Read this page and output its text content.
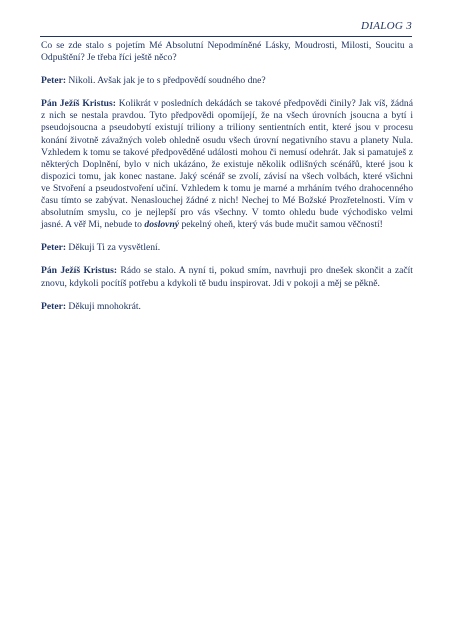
DIALOG 3

Co se zde stalo s pojetím Mé Absolutní Nepodmíněné Lásky, Moudrosti, Milosti, Soucitu a Odpuštění? Je třeba říci ještě něco?

Peter: Nikoli. Avšak jak je to s předpovědí soudného dne?

Pán Ježíš Kristus: Kolikrát v posledních dekádách se takové předpovědi činily? Jak víš, žádná z nich se nestala pravdou. Tyto předpovědi opomíjejí, že na všech úrovních jsoucna a bytí i pseudojsoucna a pseudobytí existují triliony a triliony sentientních entit, které jsou v procesu konání životně závažných voleb ohledně osudu všech úrovní negativního stavu a planety Nula. Vzhledem k tomu se takové předpověděné události mohou či nemusí odehrát. Jak si pamatuješ z některých Doplnění, bylo v nich ukázáno, že existuje několik odlišných scénářů, které jsou k dispozici tomu, jak konec nastane. Jaký scénář se zvolí, závisí na všech volbách, které všichni ve Stvoření a pseudostvoření učiní. Vzhledem k tomu je marné a mrháním tvého drahocenného času tímto se zabývat. Nenaslouchej žádné z nich! Nechej to Mé Božské Prozřetelnosti. Vím v absolutním smyslu, co je nejlepší pro vás všechny. V tomto ohledu bude východisko velmi jasné. A věř Mi, nebude to doslovný pekelný oheň, který vás bude mučit samou věčností!

Peter: Děkuji Ti za vysvětlení.

Pán Ježíš Kristus: Rádo se stalo. A nyní ti, pokud smím, navrhuji pro dnešek skončit a začít znovu, kdykoli pocítíš potřebu a kdykoli tě budu inspirovat. Jdi v pokoji a měj se pěkně.

Peter: Děkuji mnohokrát.
